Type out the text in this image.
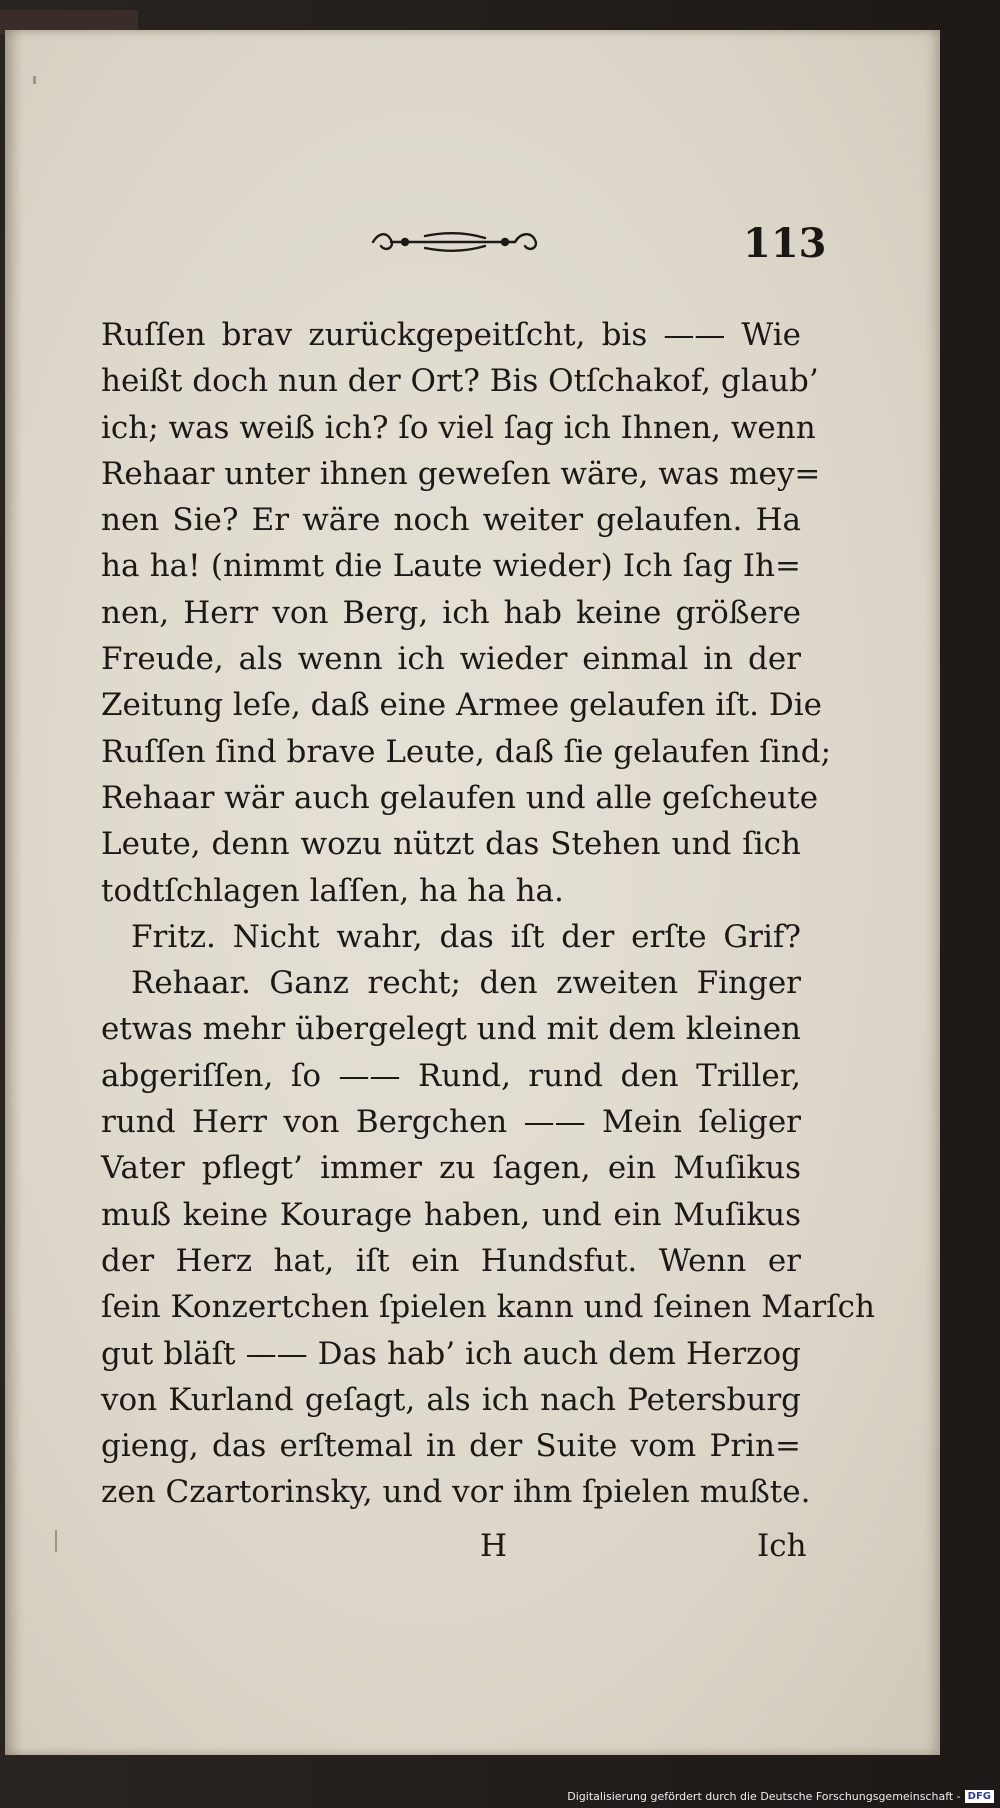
113
Ruſſen brav zurückgepeitſcht, bis —— Wie
heißt doch nun der Ort? Bis Otſchakof, glaub’
ich; was weiß ich? ſo viel ſag ich Ihnen, wenn
Rehaar unter ihnen geweſen wäre, was mey=
nen Sie? Er wäre noch weiter gelaufen. Ha
ha ha! (nimmt die Laute wieder) Ich ſag Ih=
nen, Herr von Berg, ich hab keine größere
Freude, als wenn ich wieder einmal in der
Zeitung leſe, daß eine Armee gelaufen iſt. Die
Ruſſen ſind brave Leute, daß ſie gelaufen ſind;
Rehaar wär auch gelaufen und alle geſcheute
Leute, denn wozu nützt das Stehen und ſich
todtſchlagen laſſen, ha ha ha.
Fritz. Nicht wahr, das iſt der erſte Grif?
Rehaar. Ganz recht; den zweiten Finger
etwas mehr übergelegt und mit dem kleinen
abgeriſſen, ſo —— Rund, rund den Triller,
rund Herr von Bergchen —— Mein ſeliger
Vater pflegt’ immer zu ſagen, ein Muſikus
muß keine Kourage haben, und ein Muſikus
der Herz hat, iſt ein Hundsfut. Wenn er
ſein Konzertchen ſpielen kann und ſeinen Marſch
gut bläſt —— Das hab’ ich auch dem Herzog
von Kurland geſagt, als ich nach Petersburg
gieng, das erſtemal in der Suite vom Prin=
zen Czartorinsky, und vor ihm ſpielen mußte.
H	Ich
Digitalisierung gefördert durch die Deutsche Forschungsgemeinschaft - DFG
